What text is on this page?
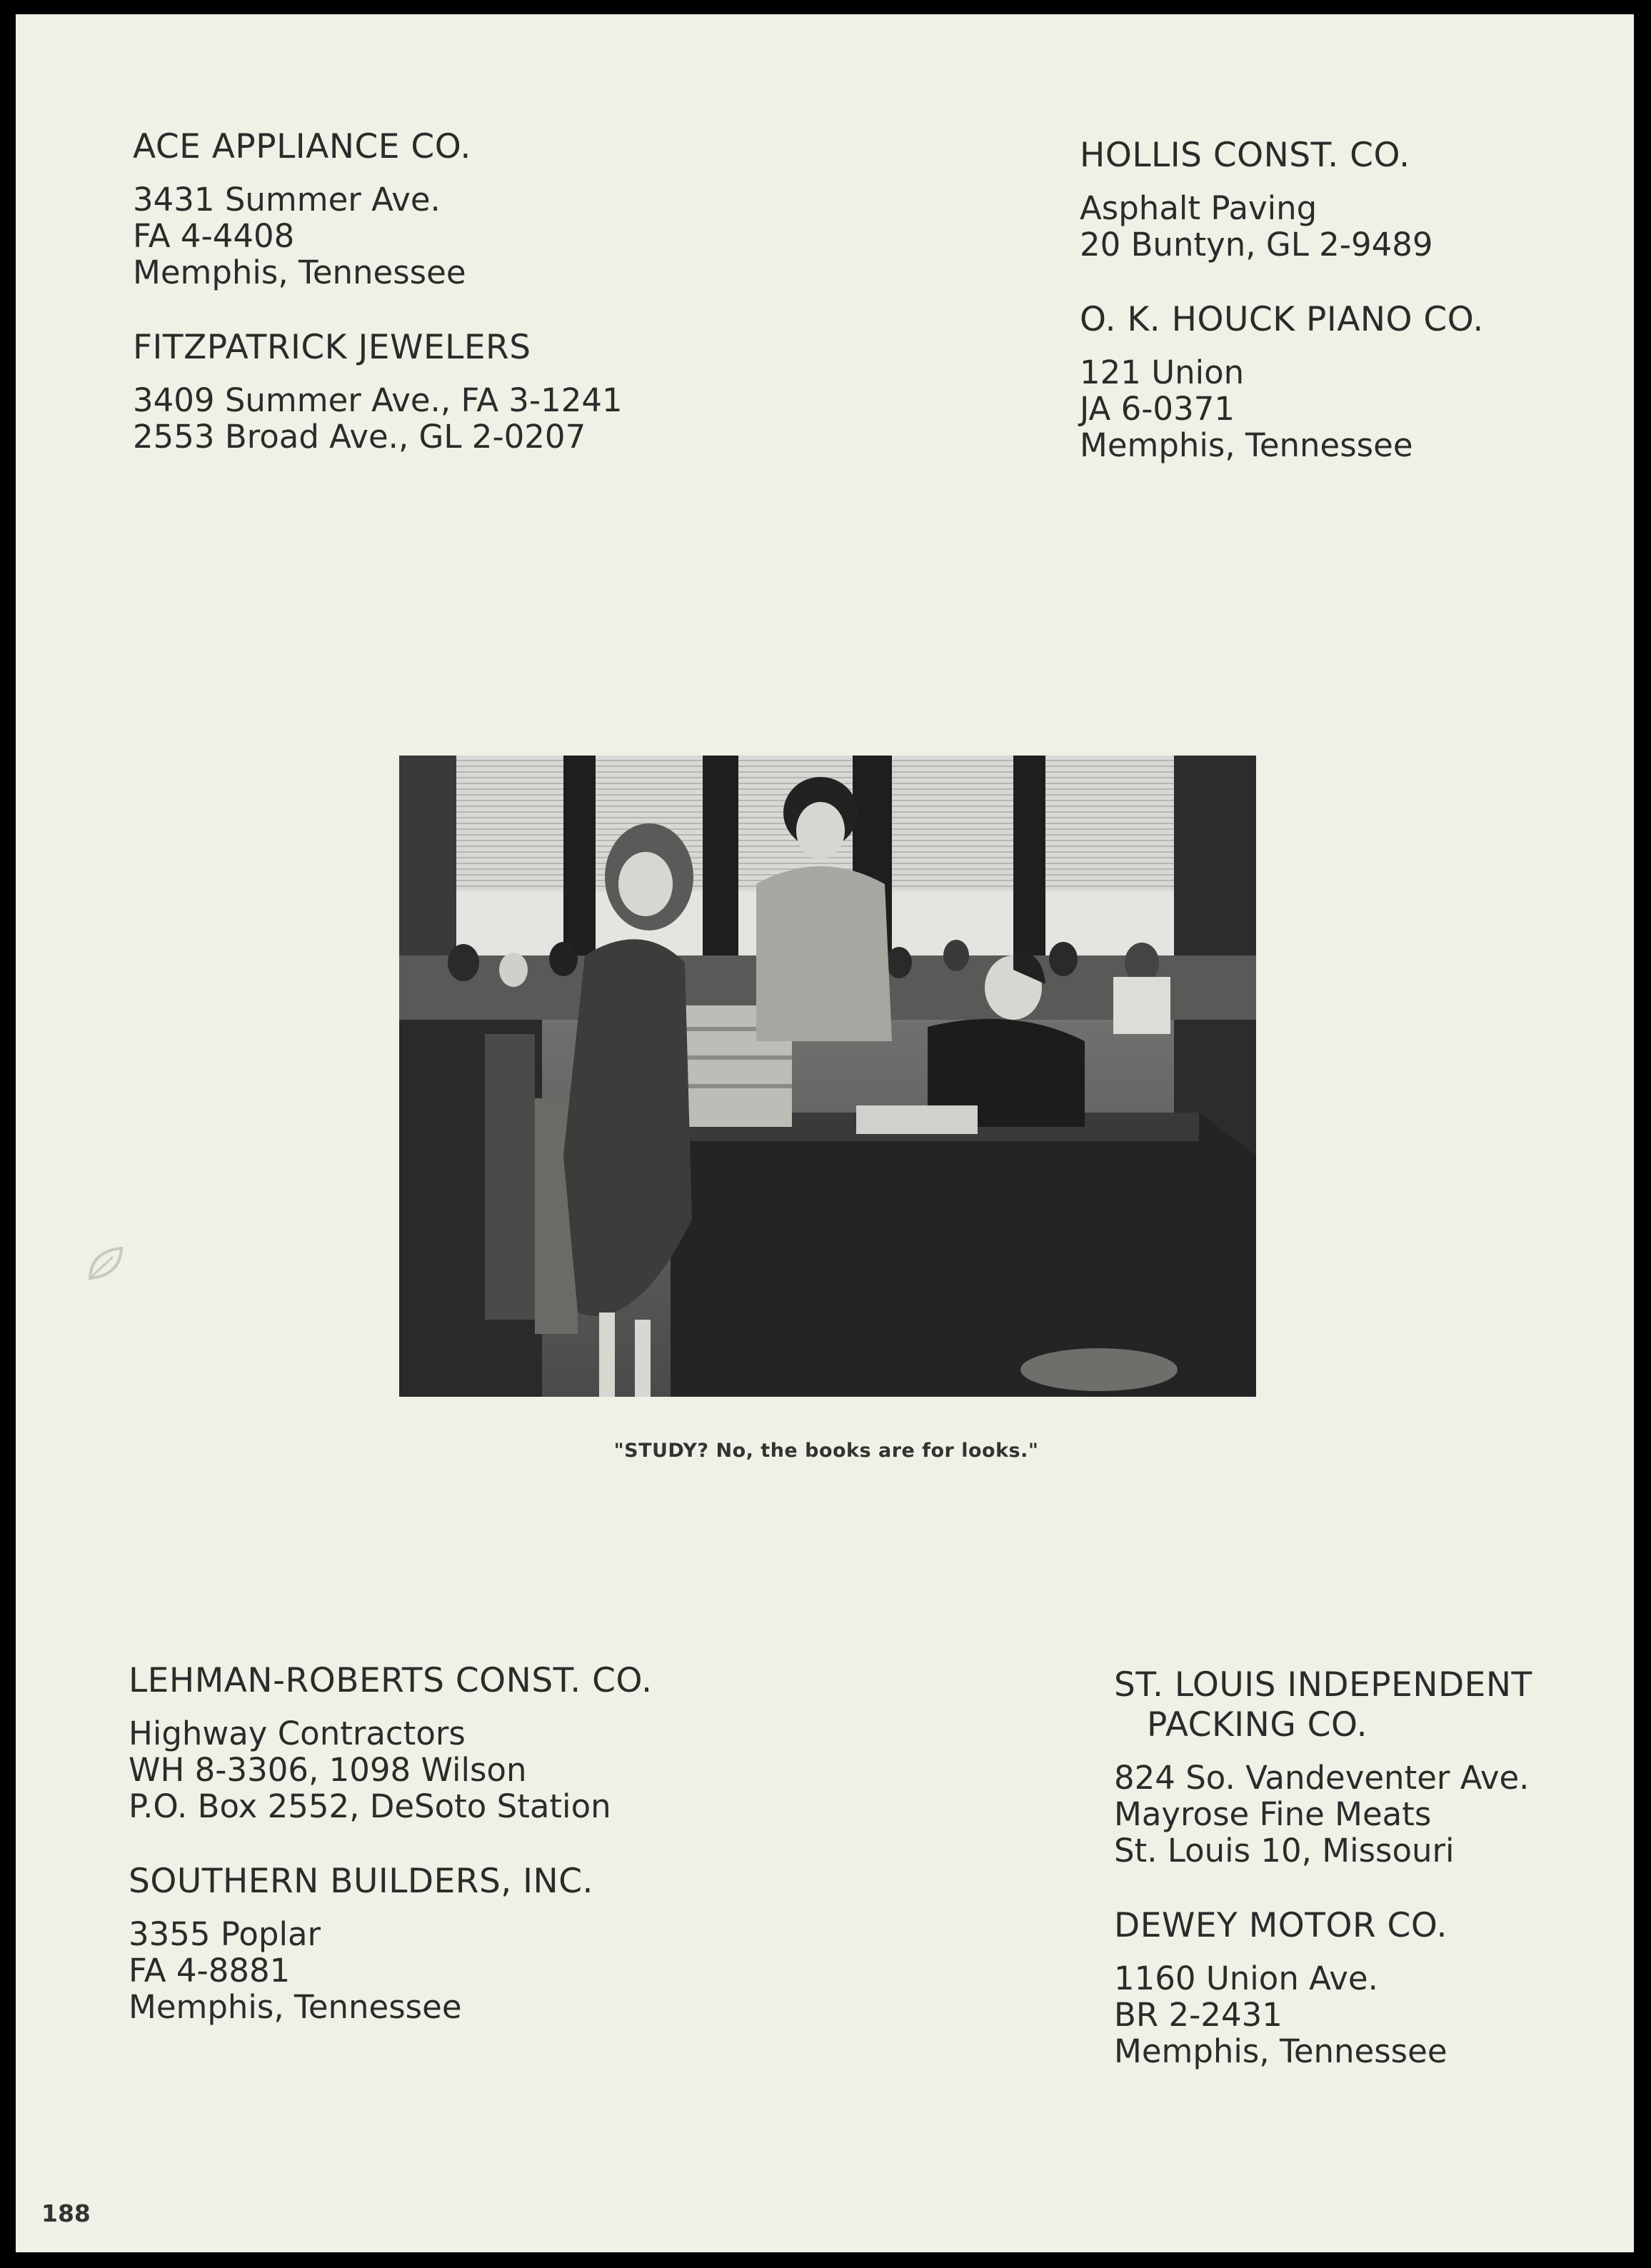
ACE APPLIANCE CO.
3431 Summer Ave.
FA 4-4408
Memphis, Tennessee
FITZPATRICK JEWELERS
3409 Summer Ave., FA 3-1241
2553 Broad Ave., GL 2-0207
HOLLIS CONST. CO.
Asphalt Paving
20 Buntyn, GL 2-9489
O. K. HOUCK PIANO CO.
121 Union
JA 6-0371
Memphis, Tennessee
"STUDY? No, the books are for looks."
LEHMAN-ROBERTS CONST. CO.
Highway Contractors
WH 8-3306, 1098 Wilson
P.O. Box 2552, DeSoto Station
SOUTHERN BUILDERS, INC.
3355 Poplar
FA 4-8881
Memphis, Tennessee
ST. LOUIS INDEPENDENT
PACKING CO.
824 So. Vandeventer Ave.
Mayrose Fine Meats
St. Louis 10, Missouri
DEWEY MOTOR CO.
1160 Union Ave.
BR 2-2431
Memphis, Tennessee
188
